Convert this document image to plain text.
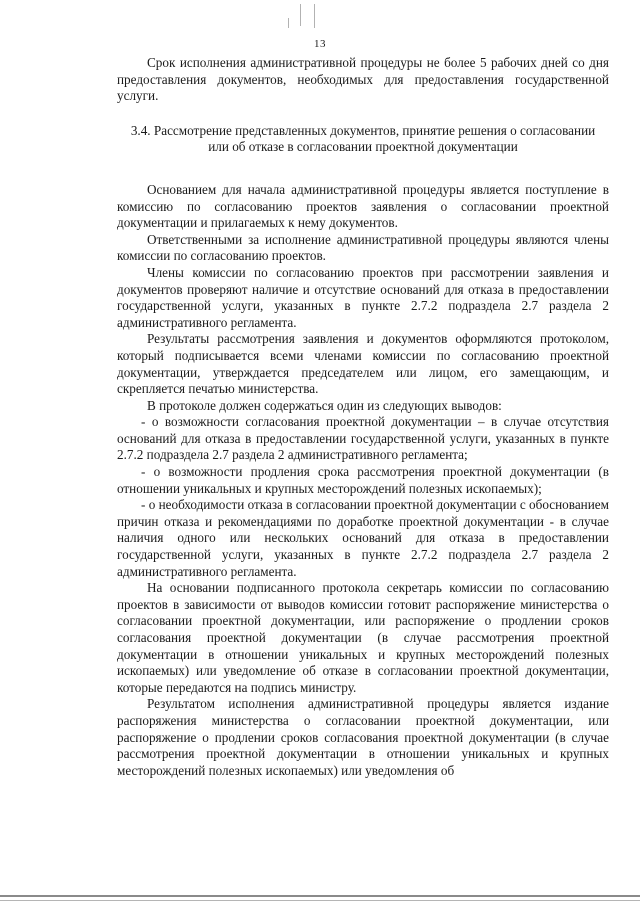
13

Срок исполнения административной процедуры не более 5 рабочих дней со дня предоставления документов, необходимых для предоставления государственной услуги.

3.4. Рассмотрение представленных документов, принятие решения о согласовании или об отказе в согласовании проектной документации

Основанием для начала административной процедуры является поступление в комиссию по согласованию проектов заявления о согласовании проектной документации и прилагаемых к нему документов.

Ответственными за исполнение административной процедуры являются члены комиссии по согласованию проектов.

Члены комиссии по согласованию проектов при рассмотрении заявления и документов проверяют наличие и отсутствие оснований для отказа в предоставлении государственной услуги, указанных в пункте 2.7.2 подраздела 2.7 раздела 2 административного регламента.

Результаты рассмотрения заявления и документов оформляются протоколом, который подписывается всеми членами комиссии по согласованию проектной документации, утверждается председателем или лицом, его замещающим, и скрепляется печатью министерства.

В протоколе должен содержаться один из следующих выводов:

- о возможности согласования проектной документации – в случае отсутствия оснований для отказа в предоставлении государственной услуги, указанных в пункте 2.7.2 подраздела 2.7 раздела 2 административного регламента;

- о возможности продления срока рассмотрения проектной документации (в отношении уникальных и крупных месторождений полезных ископаемых);

- о необходимости отказа в согласовании проектной документации с обоснованием причин отказа и рекомендациями по доработке проектной документации - в случае наличия одного или нескольких оснований для отказа в предоставлении государственной услуги, указанных в пункте 2.7.2 подраздела 2.7 раздела 2 административного регламента.

На основании подписанного протокола секретарь комиссии по согласованию проектов в зависимости от выводов комиссии готовит распоряжение министерства о согласовании проектной документации, или распоряжение о продлении сроков согласования проектной документации (в случае рассмотрения проектной документации в отношении уникальных и крупных месторождений полезных ископаемых) или уведомление об отказе в согласовании проектной документации, которые передаются на подпись министру.

Результатом исполнения административной процедуры является издание распоряжения министерства о согласовании проектной документации, или распоряжение о продлении сроков согласования проектной документации (в случае рассмотрения проектной документации в отношении уникальных и крупных месторождений полезных ископаемых) или уведомления об
